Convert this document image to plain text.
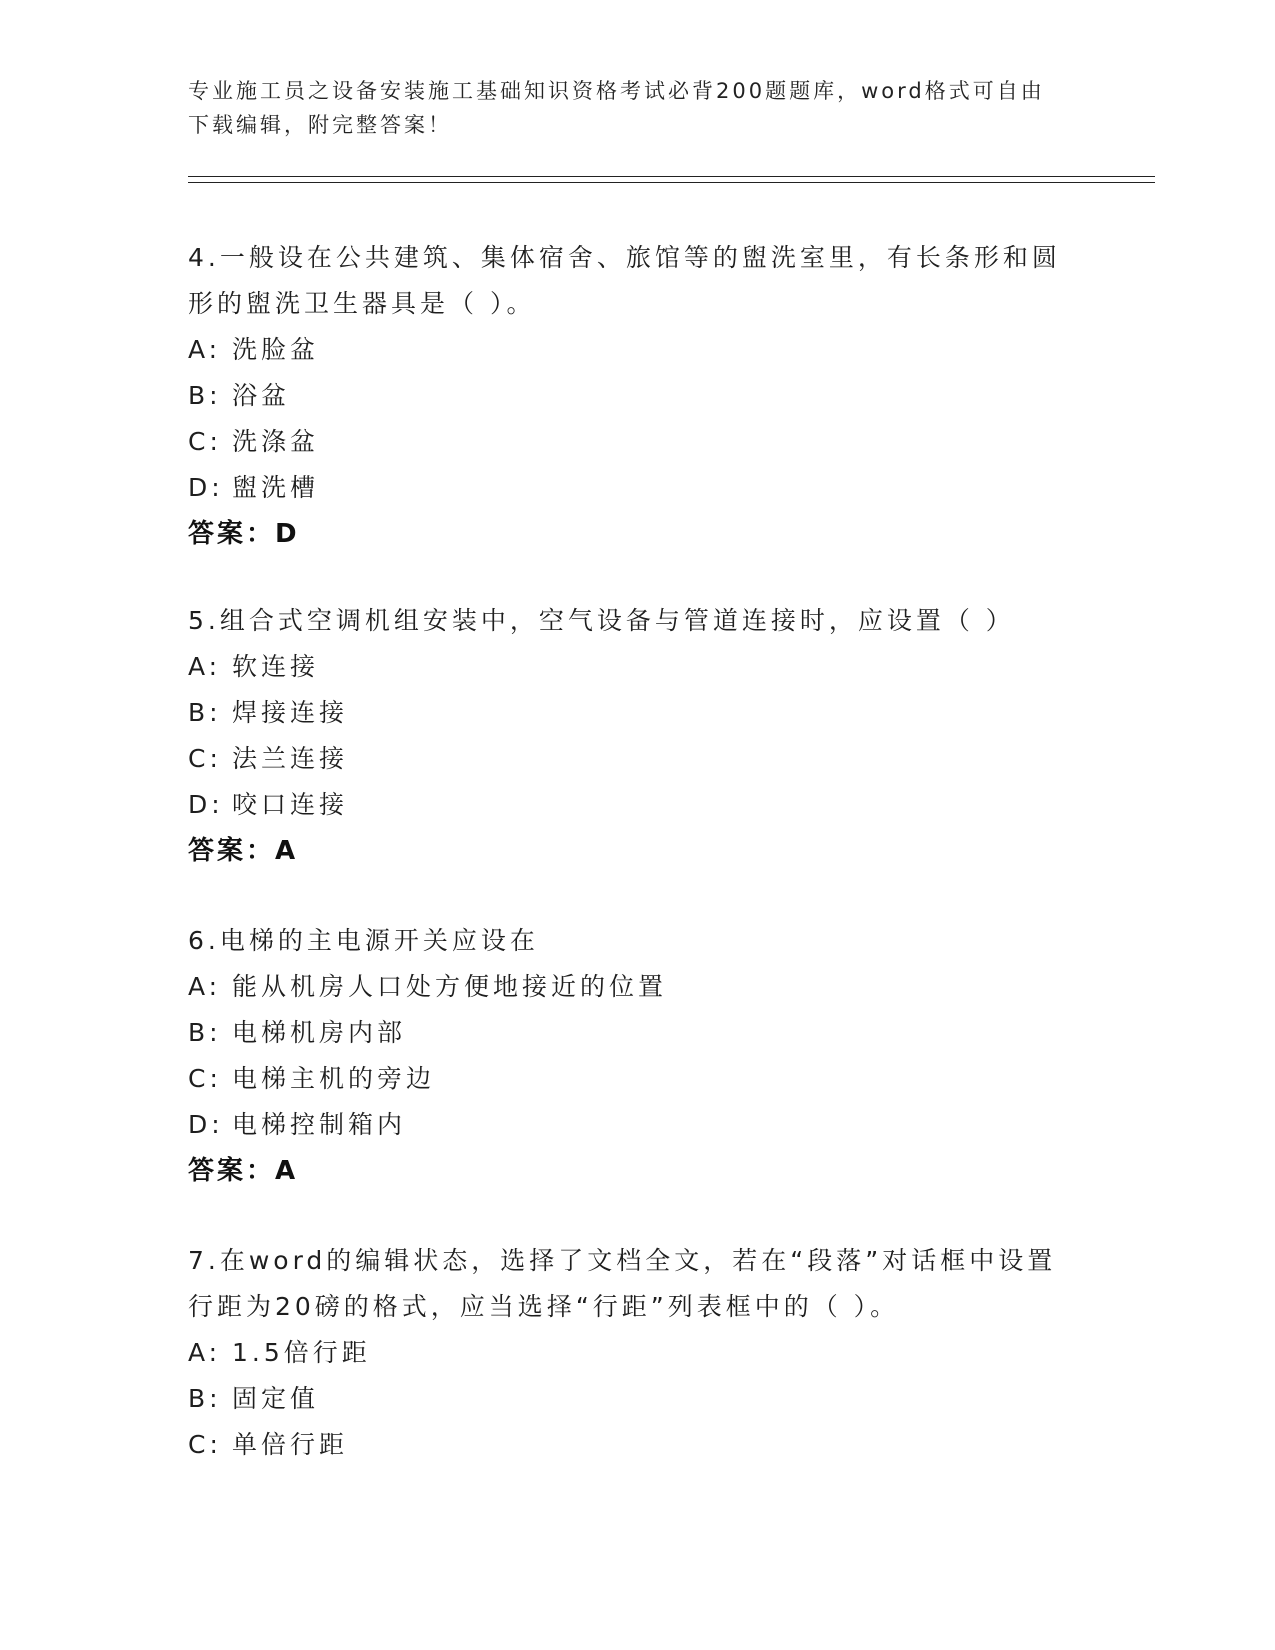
专业施工员之设备安装施工基础知识资格考试必背200题题库，word格式可自由

下载编辑，附完整答案！

4.一般设在公共建筑、集体宿舍、旅馆等的盥洗室里，有长条形和圆
形的盥洗卫生器具是（ ）。

A: 洗脸盆

B: 浴盆

C: 洗涤盆

D: 盥洗槽

答案：D

5.组合式空调机组安装中，空气设备与管道连接时，应设置（ ）

A: 软连接

B: 焊接连接

C: 法兰连接

D: 咬口连接

答案：A

6.电梯的主电源开关应设在

A: 能从机房人口处方便地接近的位置

B: 电梯机房内部

C: 电梯主机的旁边

D: 电梯控制箱内

答案：A

7.在word的编辑状态，选择了文档全文，若在“段落”对话框中设置
行距为20磅的格式，应当选择“行距”列表框中的（ ）。

A: 1.5倍行距

B: 固定值

C: 单倍行距
